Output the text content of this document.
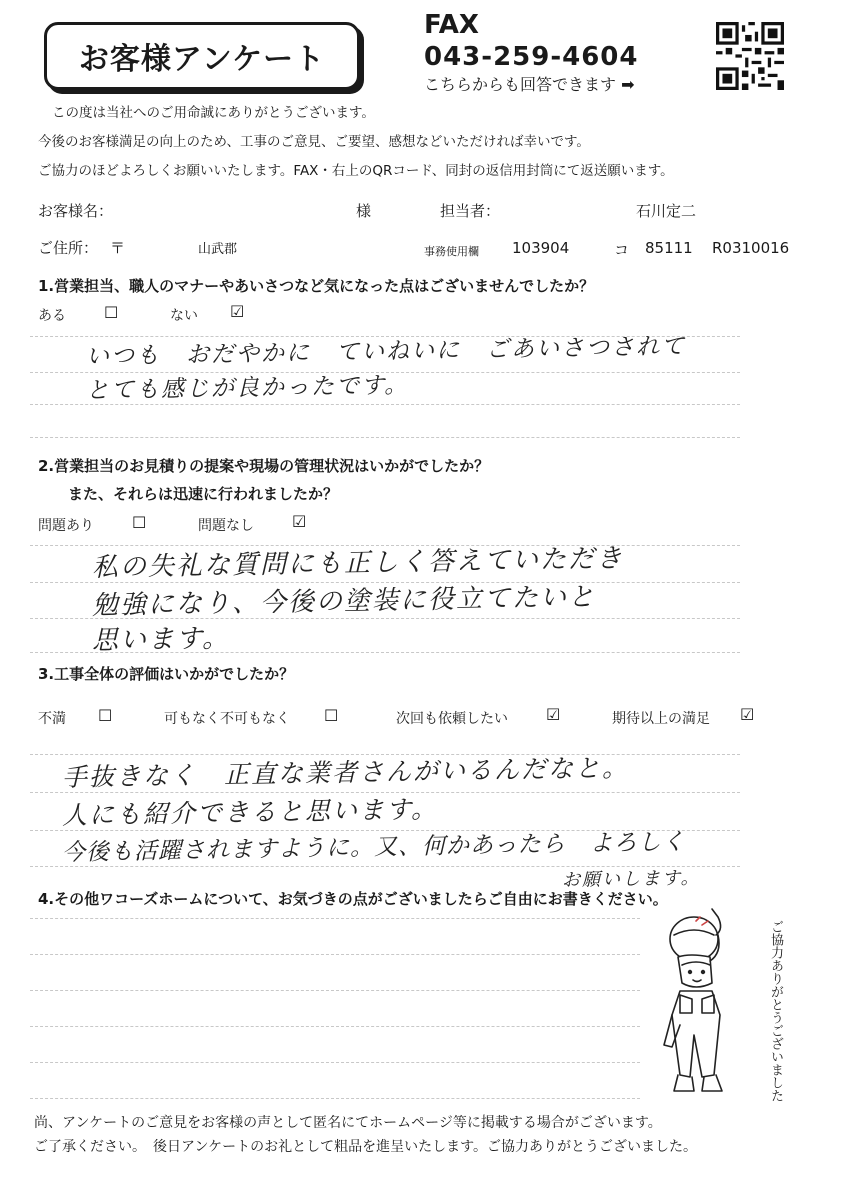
お客様アンケート
FAX
043-259-4604
こちらからも回答できます ➡
この度は当社へのご用命誠にありがとうございます。
今後のお客様満足の向上のため、工事のご意見、ご要望、感想などいただければ幸いです。
ご協力のほどよろしくお願いいたします。FAX・右上のQRコード、同封の返信用封筒にて返送願います。
お客様名：	様	担当者：	石川定二
ご住所： 〒	山武郡	事務使用欄 103904	コ 85111 R0310016
1.営業担当、職人のマナーやあいさつなど気になった点はございませんでしたか？
ある ☐	ない ☑
いつも　おだやかに　ていねいに　ごあいさつされて
とても感じが良かったです。
2.営業担当のお見積りの提案や現場の管理状況はいかがでしたか？
また、それらは迅速に行われましたか？
問題あり ☐	問題なし ☑
私の失礼な質問にも正しく答えていただき
勉強になり、今後の塗装に役立てたいと
思います。
3.工事全体の評価はいかがでしたか？
不満 ☐	可もなく不可もなく ☐	次回も依頼したい ☑	期待以上の満足 ☑
手抜きなく　正直な業者さんがいるんだなと。
人にも紹介できると思います。
今後も活躍されますように。又、何かあったら　よろしく
お願いします。
4.その他ワコーズホームについて、お気づきの点がございましたらご自由にお書きください。
ご協力ありがとうございました
尚、アンケートのご意見をお客様の声として匿名にてホームページ等に掲載する場合がございます。
ご了承ください。　後日アンケートのお礼として粗品を進呈いたします。ご協力ありがとうございました。
